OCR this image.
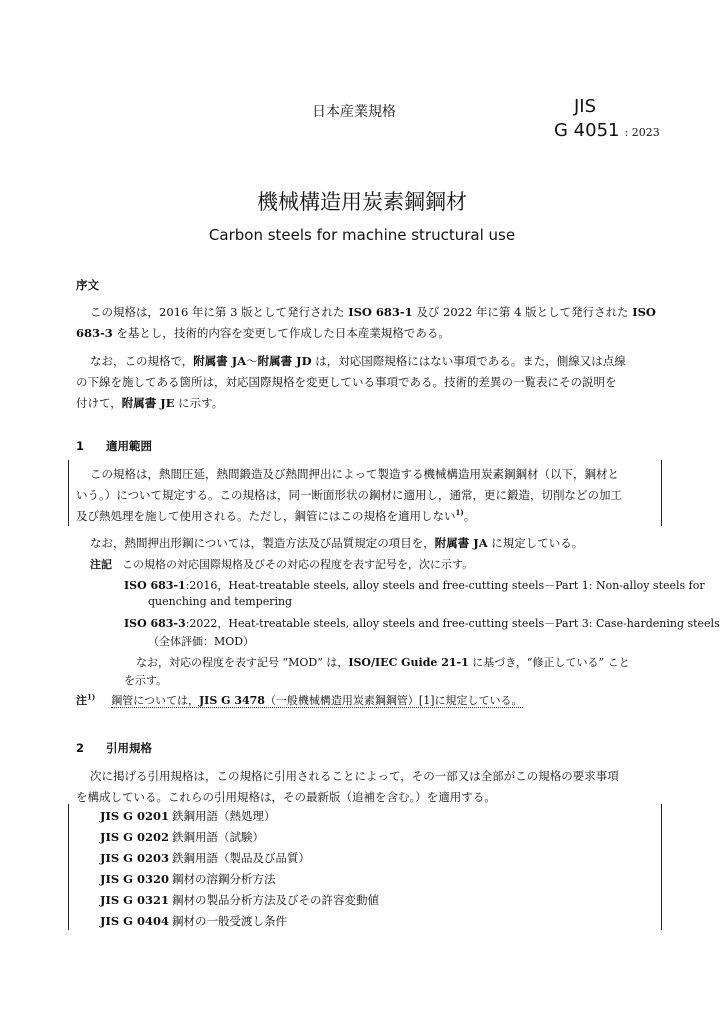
日本産業規格	JIS
G 4051 : 2023
機械構造用炭素鋼鋼材
Carbon steels for machine structural use
序文
この規格は，2016 年に第 3 版として発行された ISO 683-1 及び 2022 年に第 4 版として発行された ISO
683-3 を基とし，技術的内容を変更して作成した日本産業規格である。
なお，この規格で，附属書 JA〜附属書 JD は，対応国際規格にはない事項である。また，側線又は点線
の下線を施してある箇所は，対応国際規格を変更している事項である。技術的差異の一覧表にその説明を
付けて，附属書 JE に示す。
1 適用範囲
この規格は，熱間圧延，熱間鍛造及び熱間押出によって製造する機械構造用炭素鋼鋼材（以下，鋼材と
いう。）について規定する。この規格は，同一断面形状の鋼材に適用し，通常，更に鍛造，切削などの加工
及び熱処理を施して使用される。ただし，鋼管にはこの規格を適用しない$^{1)}$。
なお，熱間押出形鋼については，製造方法及び品質規定の項目を，附属書 JA に規定している。
注記 この規格の対応国際規格及びその対応の程度を表す記号を，次に示す。
ISO 683-1:2016，Heat-treatable steels, alloy steels and free-cutting steels－Part 1: Non-alloy steels for
quenching and tempering
ISO 683-3:2022，Heat-treatable steels, alloy steels and free-cutting steels－Part 3: Case-hardening steels
（全体評価：MOD）
なお，対応の程度を表す記号 “MOD” は，ISO/IEC Guide 21-1 に基づき，“修正している” こと
を示す。
注$^{1)}$ 鋼管については，JIS G 3478（一般機械構造用炭素鋼鋼管）[1]に規定している。
2 引用規格
次に掲げる引用規格は，この規格に引用されることによって，その一部又は全部がこの規格の要求事項
を構成している。これらの引用規格は，その最新版（追補を含む。）を適用する。
JIS G 0201 鉄鋼用語（熱処理）
JIS G 0202 鉄鋼用語（試験）
JIS G 0203 鉄鋼用語（製品及び品質）
JIS G 0320 鋼材の溶鋼分析方法
JIS G 0321 鋼材の製品分析方法及びその許容変動値
JIS G 0404 鋼材の一般受渡し条件
